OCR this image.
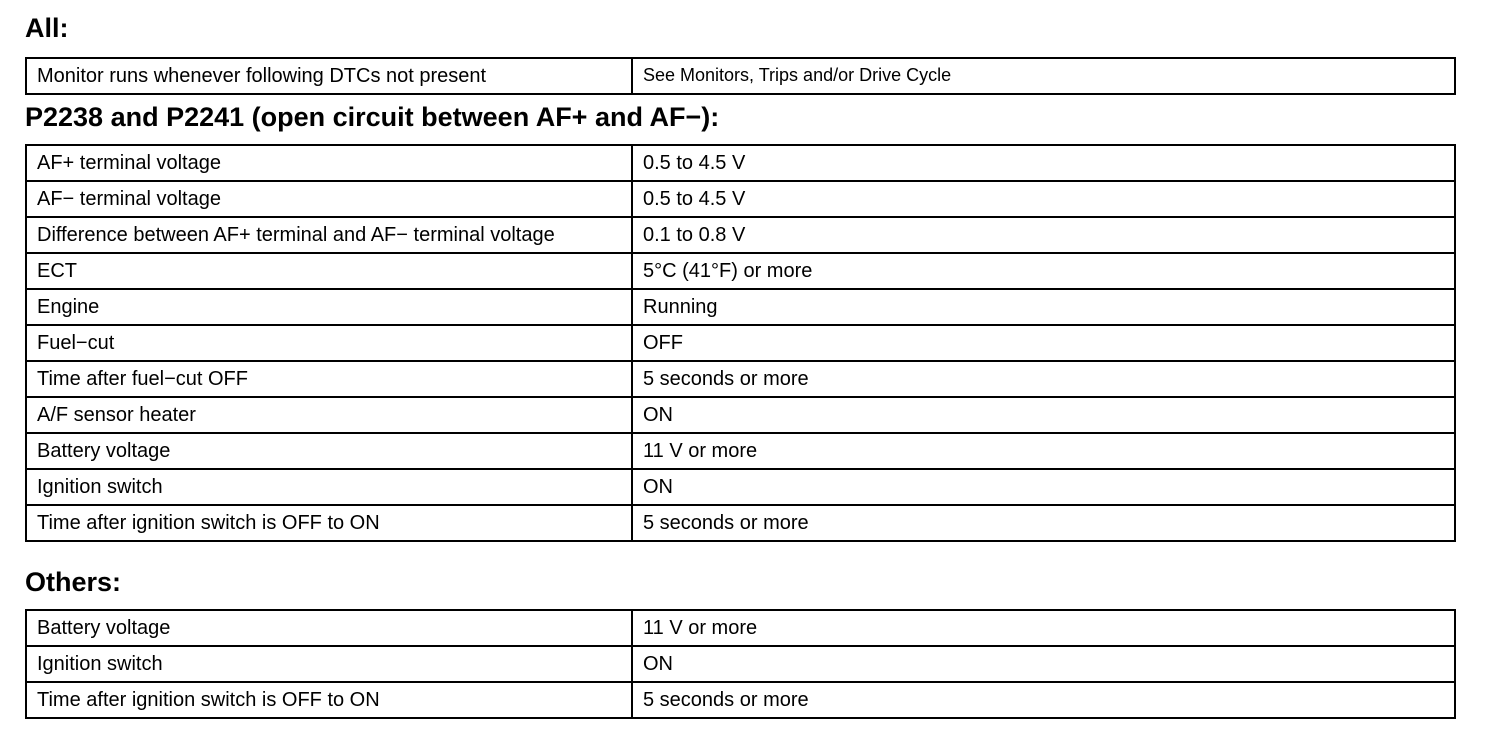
All:
Monitor runs whenever following DTCs not present	See Monitors, Trips and/or Drive Cycle
P2238 and P2241 (open circuit between AF+ and AF−):
AF+ terminal voltage	0.5 to 4.5 V
AF− terminal voltage	0.5 to 4.5 V
Difference between AF+ terminal and AF− terminal voltage	0.1 to 0.8 V
ECT	5°C (41°F) or more
Engine	Running
Fuel−cut	OFF
Time after fuel−cut OFF	5 seconds or more
A/F sensor heater	ON
Battery voltage	11 V or more
Ignition switch	ON
Time after ignition switch is OFF to ON	5 seconds or more
Others:
Battery voltage	11 V or more
Ignition switch	ON
Time after ignition switch is OFF to ON	5 seconds or more
